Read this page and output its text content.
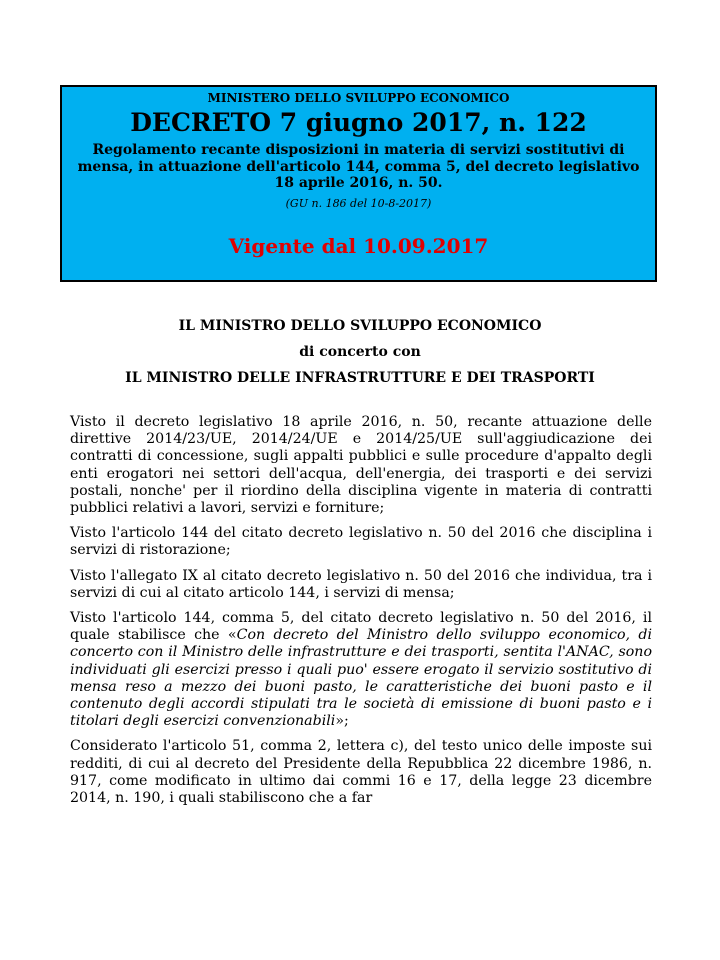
MINISTERO DELLO SVILUPPO ECONOMICO
DECRETO 7 giugno 2017, n. 122
Regolamento recante disposizioni in materia di servizi sostitutivi di mensa, in attuazione dell'articolo 144, comma 5, del decreto legislativo 18 aprile 2016, n. 50.
(GU n. 186 del 10-8-2017)
Vigente dal 10.09.2017
IL MINISTRO DELLO SVILUPPO ECONOMICO
di concerto con
IL MINISTRO DELLE INFRASTRUTTURE E DEI TRASPORTI

Visto il decreto legislativo 18 aprile 2016, n. 50, recante attuazione delle direttive 2014/23/UE, 2014/24/UE e 2014/25/UE sull'aggiudicazione dei contratti di concessione, sugli appalti pubblici e sulle procedure d'appalto degli enti erogatori nei settori dell'acqua, dell'energia, dei trasporti e dei servizi postali, nonche' per il riordino della disciplina vigente in materia di contratti pubblici relativi a lavori, servizi e forniture;

Visto l'articolo 144 del citato decreto legislativo n. 50 del 2016 che disciplina i servizi di ristorazione;

Visto l'allegato IX al citato decreto legislativo n. 50 del 2016 che individua, tra i servizi di cui al citato articolo 144, i servizi di mensa;

Visto l'articolo 144, comma 5, del citato decreto legislativo n. 50 del 2016, il quale stabilisce che «Con decreto del Ministro dello sviluppo economico, di concerto con il Ministro delle infrastrutture e dei trasporti, sentita l'ANAC, sono individuati gli esercizi presso i quali puo' essere erogato il servizio sostitutivo di mensa reso a mezzo dei buoni pasto, le caratteristiche dei buoni pasto e il contenuto degli accordi stipulati tra le società di emissione di buoni pasto e i titolari degli esercizi convenzionabili»;

Considerato l'articolo 51, comma 2, lettera c), del testo unico delle imposte sui redditi, di cui al decreto del Presidente della Repubblica 22 dicembre 1986, n. 917, come modificato in ultimo dai commi 16 e 17, della legge 23 dicembre 2014, n. 190, i quali stabiliscono che a far
